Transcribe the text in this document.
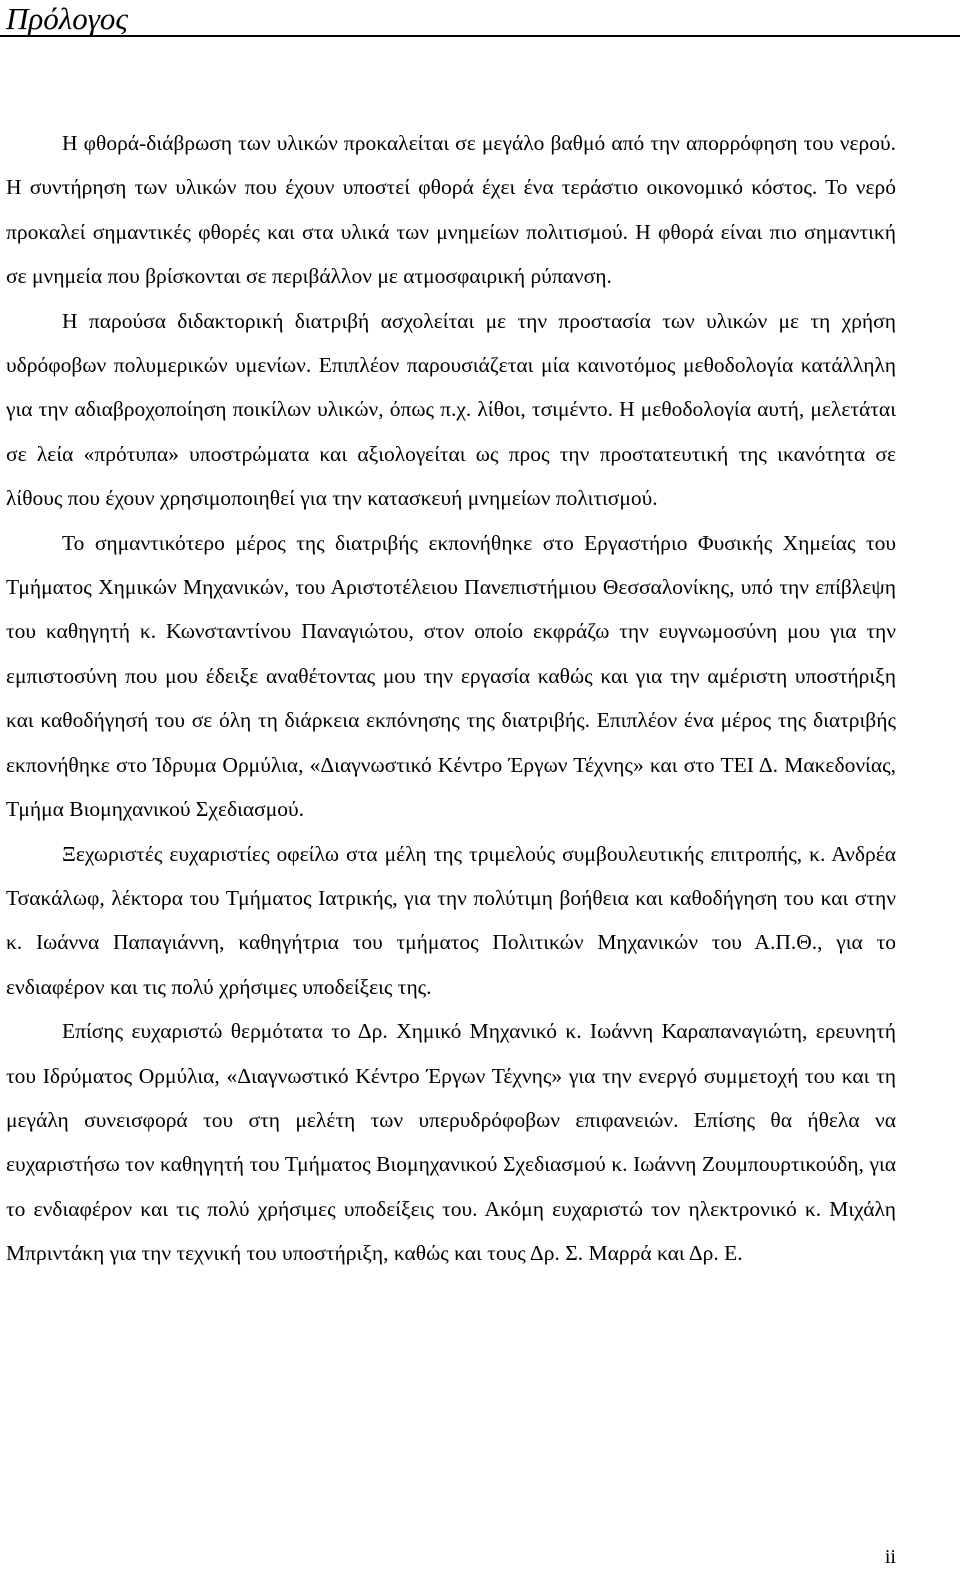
Πρόλογος

Η φθορά-διάβρωση των υλικών προκαλείται σε μεγάλο βαθμό από την απορρόφηση του νερού. Η συντήρηση των υλικών που έχουν υποστεί φθορά έχει ένα τεράστιο οικονομικό κόστος. Το νερό προκαλεί σημαντικές φθορές και στα υλικά των μνημείων πολιτισμού. Η φθορά είναι πιο σημαντική σε μνημεία που βρίσκονται σε περιβάλλον με ατμοσφαιρική ρύπανση.

Η παρούσα διδακτορική διατριβή ασχολείται με την προστασία των υλικών με τη χρήση υδρόφοβων πολυμερικών υμενίων. Επιπλέον παρουσιάζεται μία καινοτόμος μεθοδολογία κατάλληλη για την αδιαβροχοποίηση ποικίλων υλικών, όπως π.χ. λίθοι, τσιμέντο. Η μεθοδολογία αυτή, μελετάται σε λεία «πρότυπα» υποστρώματα και αξιολογείται ως προς την προστατευτική της ικανότητα σε λίθους που έχουν χρησιμοποιηθεί για την κατασκευή μνημείων πολιτισμού.

Το σημαντικότερο μέρος της διατριβής εκπονήθηκε στο Εργαστήριο Φυσικής Χημείας του Τμήματος Χημικών Μηχανικών, του Αριστοτέλειου Πανεπιστήμιου Θεσσαλονίκης, υπό την επίβλεψη του καθηγητή κ. Κωνσταντίνου Παναγιώτου, στον οποίο εκφράζω την ευγνωμοσύνη μου για την εμπιστοσύνη που μου έδειξε αναθέτοντας μου την εργασία καθώς και για την αμέριστη υποστήριξη και καθοδήγησή του σε όλη τη διάρκεια εκπόνησης της διατριβής. Επιπλέον ένα μέρος της διατριβής εκπονήθηκε στο Ίδρυμα Ορμύλια, «Διαγνωστικό Κέντρο Έργων Τέχνης» και στο ΤΕΙ Δ. Μακεδονίας, Τμήμα Βιομηχανικού Σχεδιασμού.

Ξεχωριστές ευχαριστίες οφείλω στα μέλη της τριμελούς συμβουλευτικής επιτροπής, κ. Ανδρέα Τσακάλωφ, λέκτορα του Τμήματος Ιατρικής, για την πολύτιμη βοήθεια και καθοδήγηση του και στην κ. Ιωάννα Παπαγιάννη, καθηγήτρια του τμήματος Πολιτικών Μηχανικών του Α.Π.Θ., για το ενδιαφέρον και τις πολύ χρήσιμες υποδείξεις της.

Επίσης ευχαριστώ θερμότατα το Δρ. Χημικό Μηχανικό κ. Ιωάννη Καραπαναγιώτη, ερευνητή του Ιδρύματος Ορμύλια, «Διαγνωστικό Κέντρο Έργων Τέχνης» για την ενεργό συμμετοχή του και τη μεγάλη συνεισφορά του στη μελέτη των υπερυδρόφοβων επιφανειών. Επίσης θα ήθελα να ευχαριστήσω τον καθηγητή του Τμήματος Βιομηχανικού Σχεδιασμού κ. Ιωάννη Ζουμπουρτικούδη, για το ενδιαφέρον και τις πολύ χρήσιμες υποδείξεις του. Ακόμη ευχαριστώ τον ηλεκτρονικό κ. Μιχάλη Μπριντάκη για την τεχνική του υποστήριξη, καθώς και τους Δρ. Σ. Μαρρά και Δρ. Ε.

ii
